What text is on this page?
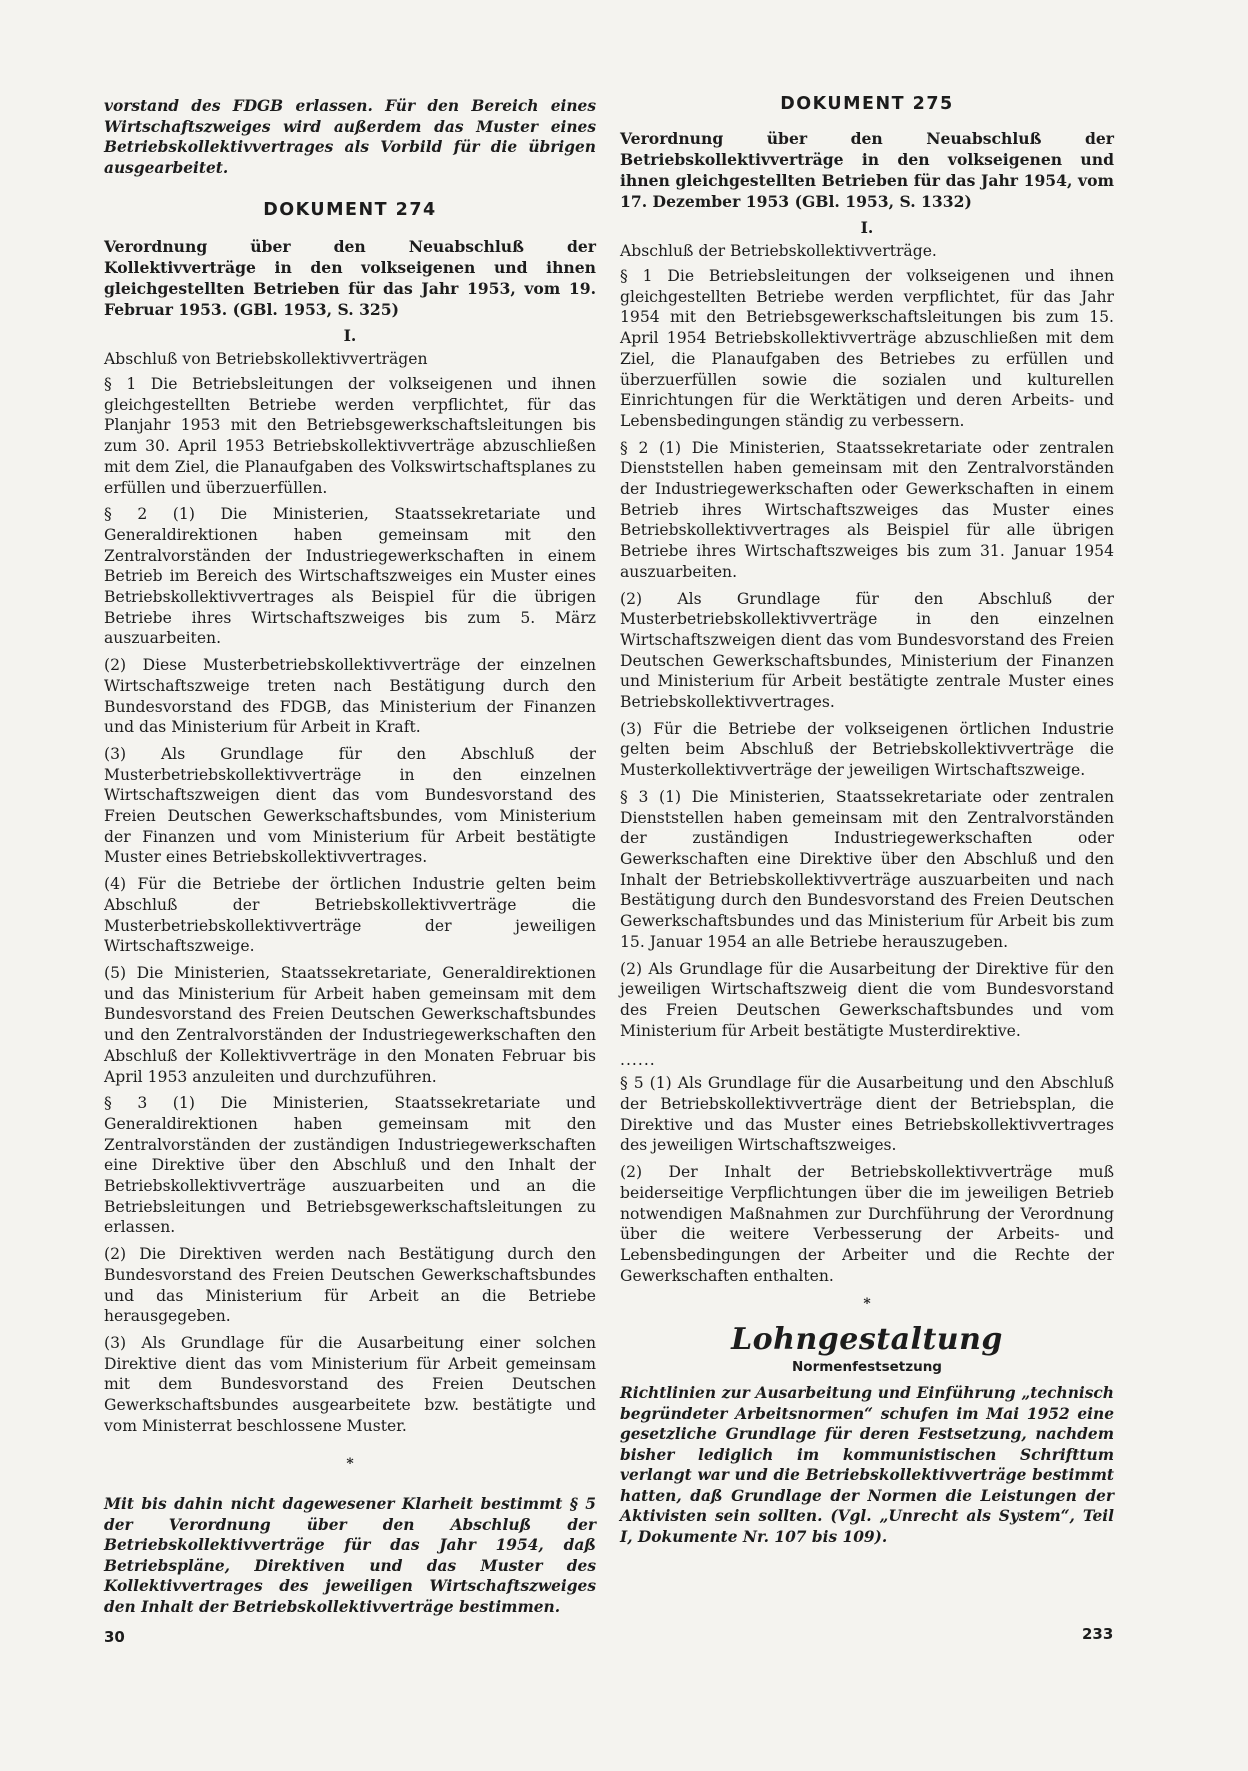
vorstand des FDGB erlassen. Für den Bereich eines Wirtschaftszweiges wird außerdem das Muster eines Betriebskollektivvertrages als Vorbild für die übrigen ausgearbeitet.

DOKUMENT 274

Verordnung über den Neuabschluß der Kollektivverträge in den volkseigenen und ihnen gleichgestellten Betrieben für das Jahr 1953, vom 19. Februar 1953. (GBl. 1953, S. 325)

I.

Abschluß von Betriebskollektivverträgen

§ 1 Die Betriebsleitungen der volkseigenen und ihnen gleichgestellten Betriebe werden verpflichtet, für das Planjahr 1953 mit den Betriebsgewerkschaftsleitungen bis zum 30. April 1953 Betriebskollektivverträge abzuschließen mit dem Ziel, die Planaufgaben des Volkswirtschaftsplanes zu erfüllen und überzuerfüllen.

§ 2 (1) Die Ministerien, Staatssekretariate und Generaldirektionen haben gemeinsam mit den Zentralvorständen der Industriegewerkschaften in einem Betrieb im Bereich des Wirtschaftszweiges ein Muster eines Betriebskollektivvertrages als Beispiel für die übrigen Betriebe ihres Wirtschaftszweiges bis zum 5. März auszuarbeiten.

(2) Diese Musterbetriebskollektivverträge der einzelnen Wirtschaftszweige treten nach Bestätigung durch den Bundesvorstand des FDGB, das Ministerium der Finanzen und das Ministerium für Arbeit in Kraft.

(3) Als Grundlage für den Abschluß der Musterbetriebskollektivverträge in den einzelnen Wirtschaftszweigen dient das vom Bundesvorstand des Freien Deutschen Gewerkschaftsbundes, vom Ministerium der Finanzen und vom Ministerium für Arbeit bestätigte Muster eines Betriebskollektivvertrages.

(4) Für die Betriebe der örtlichen Industrie gelten beim Abschluß der Betriebskollektivverträge die Musterbetriebskollektivverträge der jeweiligen Wirtschaftszweige.

(5) Die Ministerien, Staatssekretariate, Generaldirektionen und das Ministerium für Arbeit haben gemeinsam mit dem Bundesvorstand des Freien Deutschen Gewerkschaftsbundes und den Zentralvorständen der Industriegewerkschaften den Abschluß der Kollektivverträge in den Monaten Februar bis April 1953 anzuleiten und durchzuführen.

§ 3 (1) Die Ministerien, Staatssekretariate und Generaldirektionen haben gemeinsam mit den Zentralvorständen der zuständigen Industriegewerkschaften eine Direktive über den Abschluß und den Inhalt der Betriebskollektivverträge auszuarbeiten und an die Betriebsleitungen und Betriebsgewerkschaftsleitungen zu erlassen.

(2) Die Direktiven werden nach Bestätigung durch den Bundesvorstand des Freien Deutschen Gewerkschaftsbundes und das Ministerium für Arbeit an die Betriebe herausgegeben.

(3) Als Grundlage für die Ausarbeitung einer solchen Direktive dient das vom Ministerium für Arbeit gemeinsam mit dem Bundesvorstand des Freien Deutschen Gewerkschaftsbundes ausgearbeitete bzw. bestätigte und vom Ministerrat beschlossene Muster.

*

Mit bis dahin nicht dagewesener Klarheit bestimmt § 5 der Verordnung über den Abschluß der Betriebskollektivverträge für das Jahr 1954, daß Betriebspläne, Direktiven und das Muster des Kollektivvertrages des jeweiligen Wirtschaftszweiges den Inhalt der Betriebskollektivverträge bestimmen.

DOKUMENT 275

Verordnung über den Neuabschluß der Betriebskollektivverträge in den volkseigenen und ihnen gleichgestellten Betrieben für das Jahr 1954, vom 17. Dezember 1953 (GBl. 1953, S. 1332)

I.

Abschluß der Betriebskollektivverträge.

§ 1 Die Betriebsleitungen der volkseigenen und ihnen gleichgestellten Betriebe werden verpflichtet, für das Jahr 1954 mit den Betriebsgewerkschaftsleitungen bis zum 15. April 1954 Betriebskollektivverträge abzuschließen mit dem Ziel, die Planaufgaben des Betriebes zu erfüllen und überzuerfüllen sowie die sozialen und kulturellen Einrichtungen für die Werktätigen und deren Arbeits- und Lebensbedingungen ständig zu verbessern.

§ 2 (1) Die Ministerien, Staatssekretariate oder zentralen Dienststellen haben gemeinsam mit den Zentralvorständen der Industriegewerkschaften oder Gewerkschaften in einem Betrieb ihres Wirtschaftszweiges das Muster eines Betriebskollektivvertrages als Beispiel für alle übrigen Betriebe ihres Wirtschaftszweiges bis zum 31. Januar 1954 auszuarbeiten.

(2) Als Grundlage für den Abschluß der Musterbetriebskollektivverträge in den einzelnen Wirtschaftszweigen dient das vom Bundesvorstand des Freien Deutschen Gewerkschaftsbundes, Ministerium der Finanzen und Ministerium für Arbeit bestätigte zentrale Muster eines Betriebskollektivvertrages.

(3) Für die Betriebe der volkseigenen örtlichen Industrie gelten beim Abschluß der Betriebskollektivverträge die Musterkollektivverträge der jeweiligen Wirtschaftszweige.

§ 3 (1) Die Ministerien, Staatssekretariate oder zentralen Dienststellen haben gemeinsam mit den Zentralvorständen der zuständigen Industriegewerkschaften oder Gewerkschaften eine Direktive über den Abschluß und den Inhalt der Betriebskollektivverträge auszuarbeiten und nach Bestätigung durch den Bundesvorstand des Freien Deutschen Gewerkschaftsbundes und das Ministerium für Arbeit bis zum 15. Januar 1954 an alle Betriebe herauszugeben.

(2) Als Grundlage für die Ausarbeitung der Direktive für den jeweiligen Wirtschaftszweig dient die vom Bundesvorstand des Freien Deutschen Gewerkschaftsbundes und vom Ministerium für Arbeit bestätigte Musterdirektive.

......

§ 5 (1) Als Grundlage für die Ausarbeitung und den Abschluß der Betriebskollektivverträge dient der Betriebsplan, die Direktive und das Muster eines Betriebskollektivvertrages des jeweiligen Wirtschaftszweiges.

(2) Der Inhalt der Betriebskollektivverträge muß beiderseitige Verpflichtungen über die im jeweiligen Betrieb notwendigen Maßnahmen zur Durchführung der Verordnung über die weitere Verbesserung der Arbeits- und Lebensbedingungen der Arbeiter und die Rechte der Gewerkschaften enthalten.

*

Lohngestaltung

Normenfestsetzung

Richtlinien zur Ausarbeitung und Einführung „technisch begründeter Arbeitsnormen“ schufen im Mai 1952 eine gesetzliche Grundlage für deren Festsetzung, nachdem bisher lediglich im kommunistischen Schrifttum verlangt war und die Betriebskollektivverträge bestimmt hatten, daß Grundlage der Normen die Leistungen der Aktivisten sein sollten. (Vgl. „Unrecht als System“, Teil I, Dokumente Nr. 107 bis 109).

30	233
